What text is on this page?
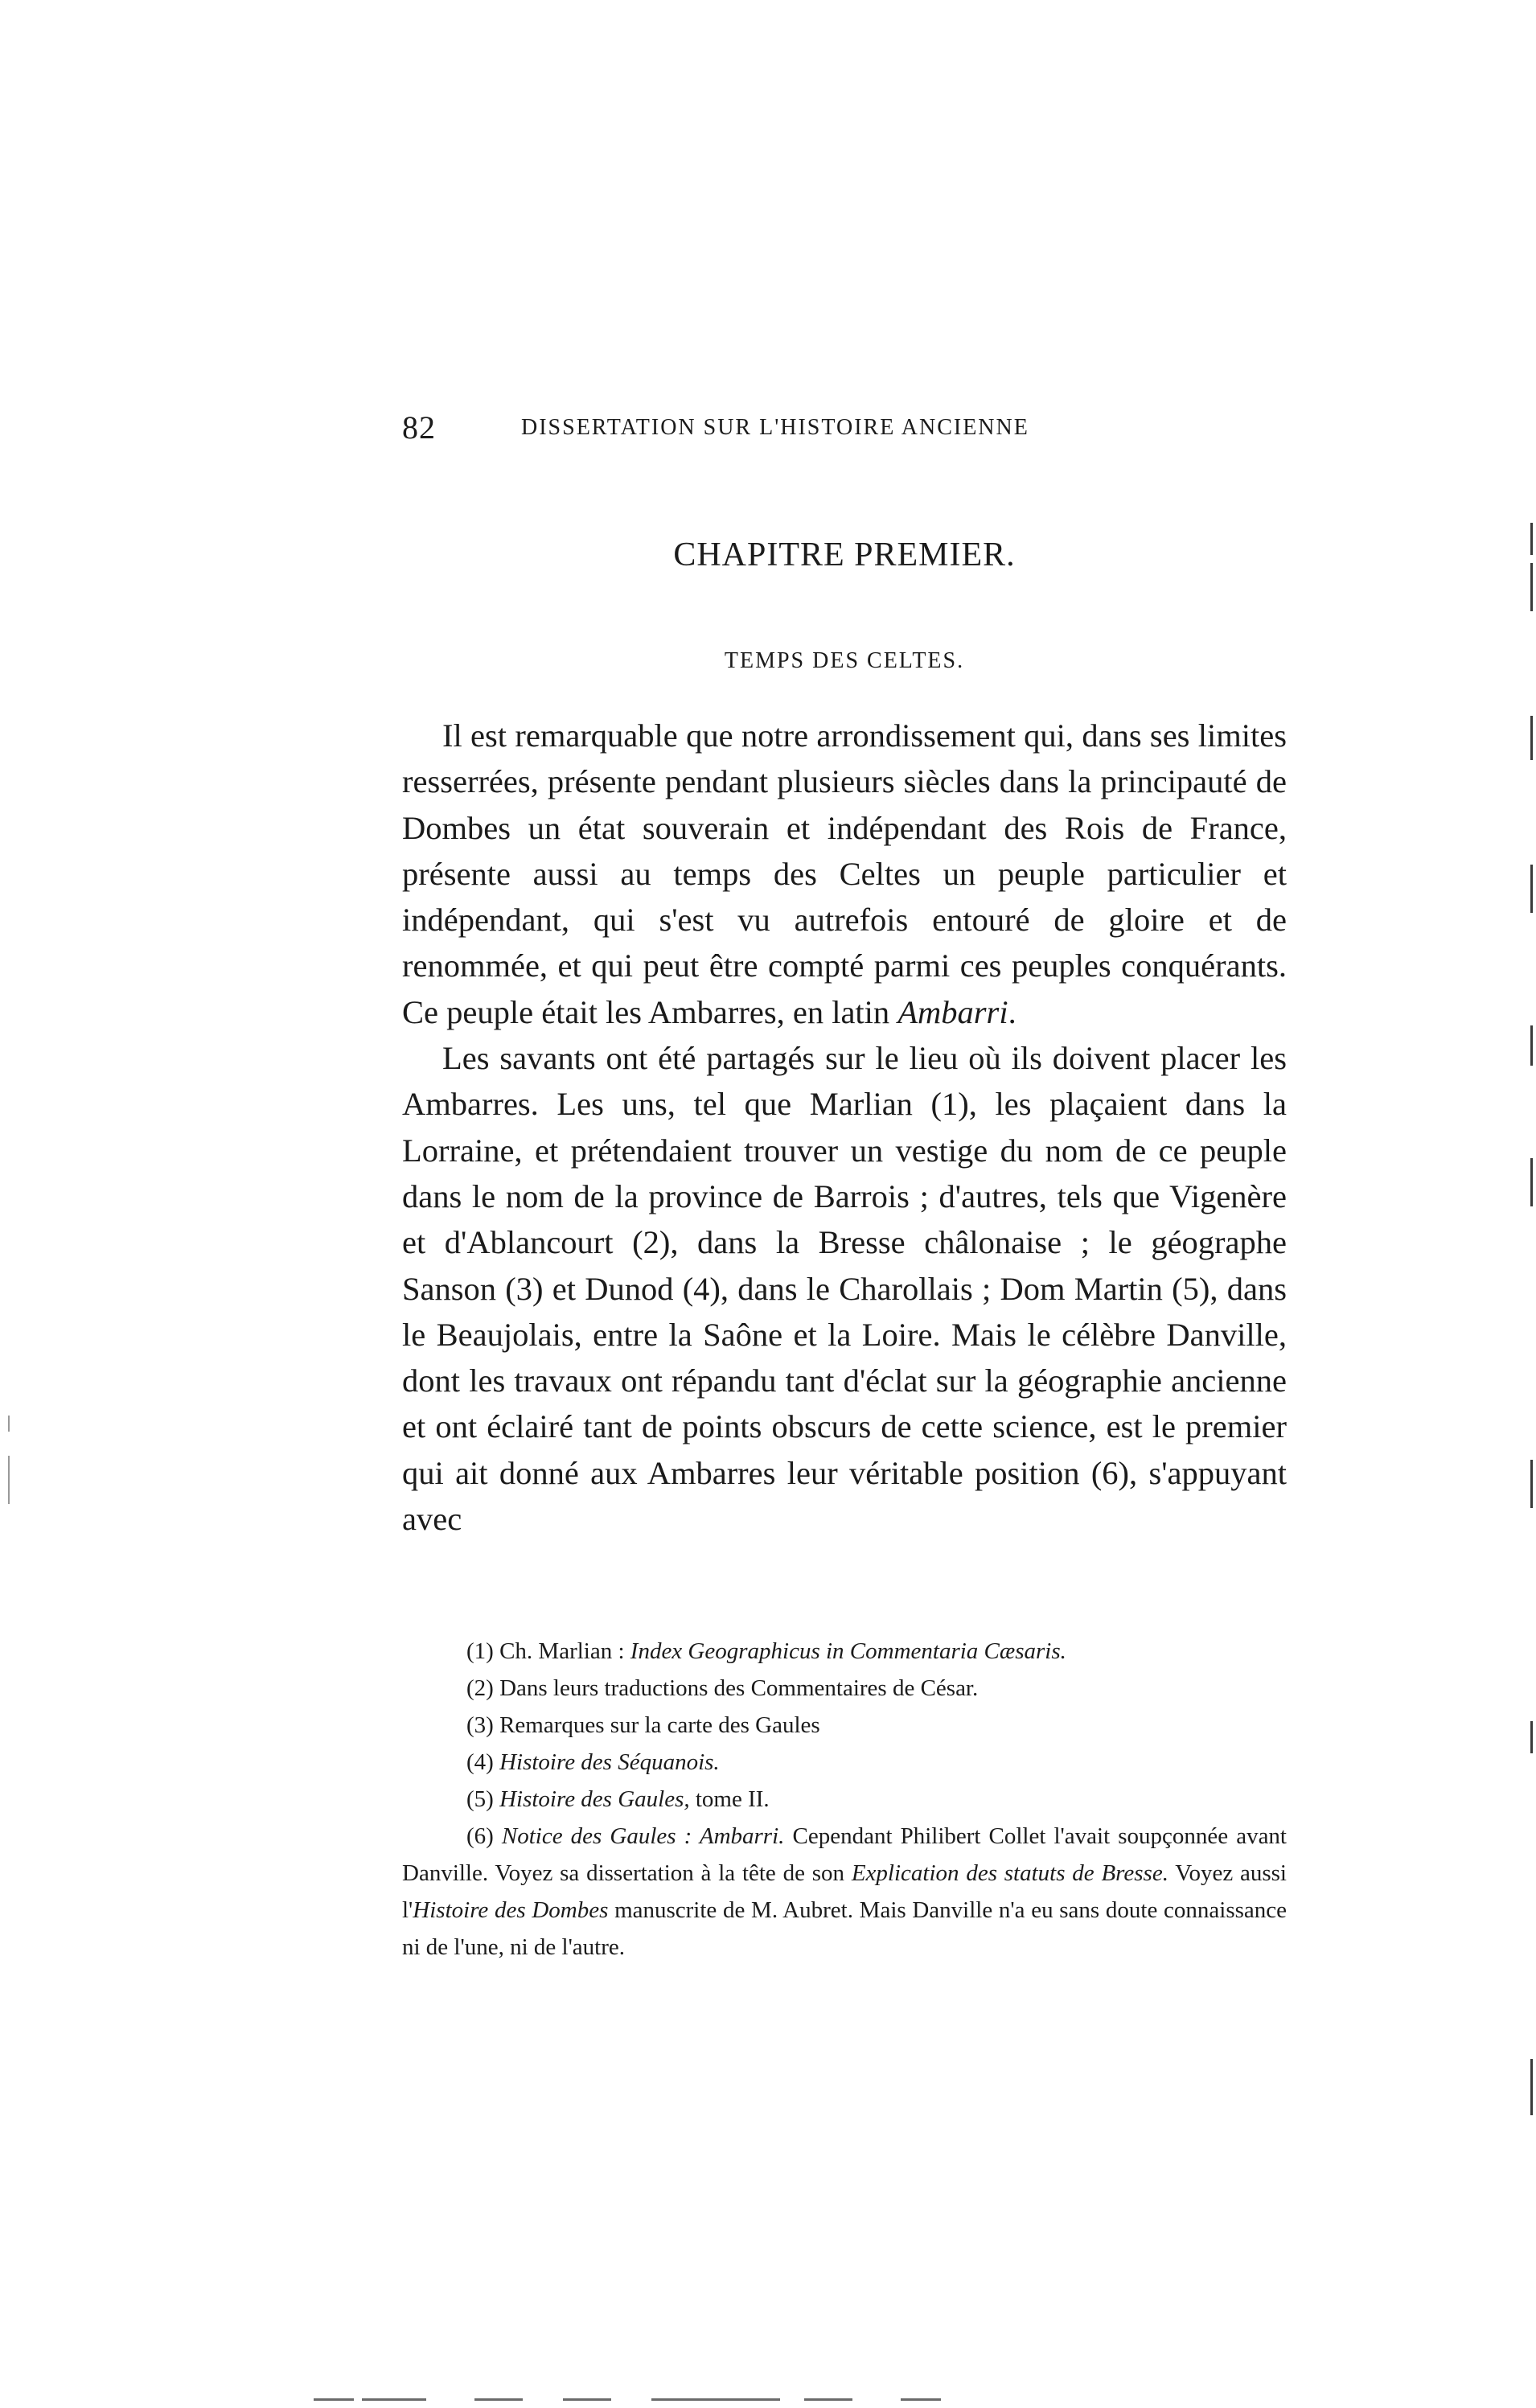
82	DISSERTATION SUR L'HISTOIRE ANCIENNE
CHAPITRE PREMIER.
TEMPS DES CELTES.

Il est remarquable que notre arrondissement qui, dans ses limites resserrées, présente pendant plusieurs siècles dans la principauté de Dombes un état souverain et indépendant des Rois de France, présente aussi au temps des Celtes un peuple particulier et indépendant, qui s'est vu autrefois entouré de gloire et de renommée, et qui peut être compté parmi ces peuples conquérants. Ce peuple était les Ambarres, en latin Ambarri.

Les savants ont été partagés sur le lieu où ils doivent placer les Ambarres. Les uns, tel que Marlian (1), les plaçaient dans la Lorraine, et prétendaient trouver un vestige du nom de ce peuple dans le nom de la province de Barrois ; d'autres, tels que Vigenère et d'Ablancourt (2), dans la Bresse châlonaise ; le géographe Sanson (3) et Dunod (4), dans le Charollais ; Dom Martin (5), dans le Beaujolais, entre la Saône et la Loire. Mais le célèbre Danville, dont les travaux ont répandu tant d'éclat sur la géographie ancienne et ont éclairé tant de points obscurs de cette science, est le premier qui ait donné aux Ambarres leur véritable position (6), s'appuyant avec

(1) Ch. Marlian : Index Geographicus in Commentaria Cæsaris.

(2) Dans leurs traductions des Commentaires de César.

(3) Remarques sur la carte des Gaules

(4) Histoire des Séquanois.

(5) Histoire des Gaules, tome II.

(6) Notice des Gaules : Ambarri. Cependant Philibert Collet l'avait soupçonnée avant Danville. Voyez sa dissertation à la tête de son Explication des statuts de Bresse. Voyez aussi l'Histoire des Dombes manuscrite de M. Aubret. Mais Danville n'a eu sans doute connaissance ni de l'une, ni de l'autre.
